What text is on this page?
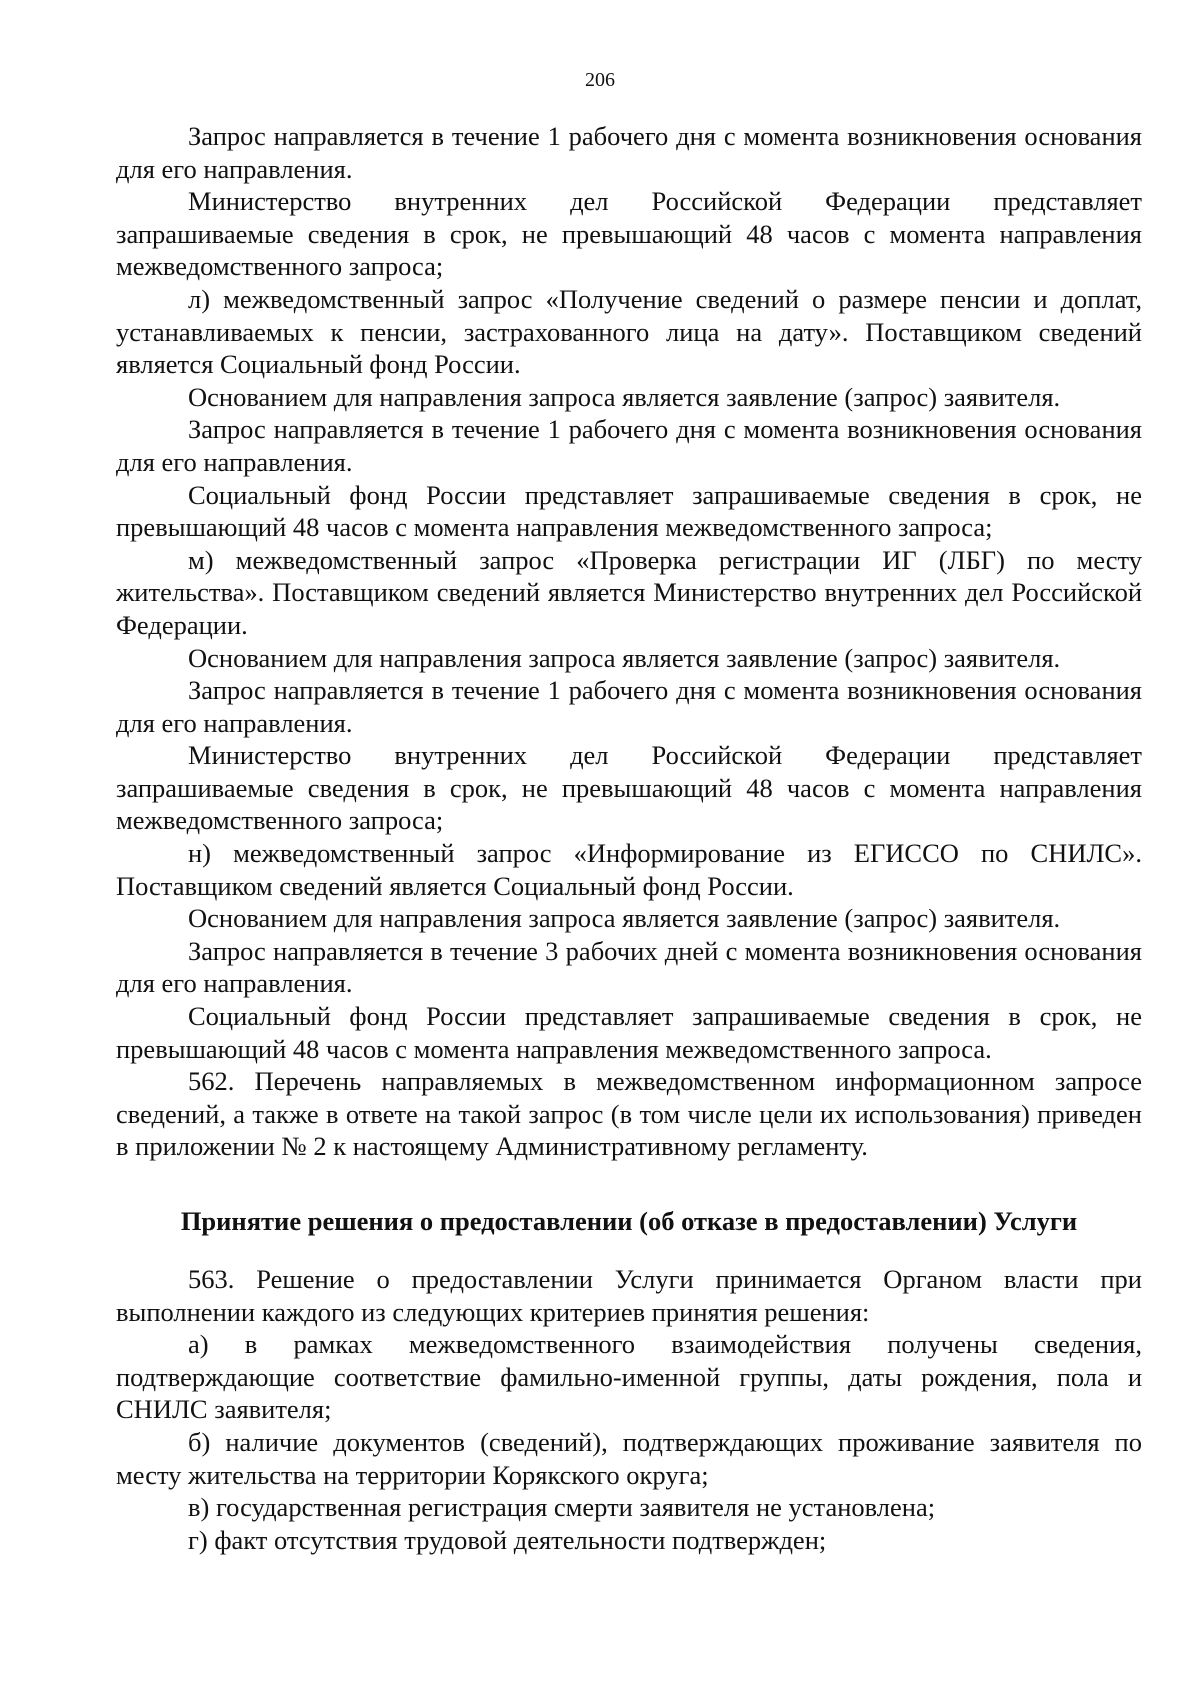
206

Запрос направляется в течение 1 рабочего дня с момента возникновения основания для его направления.

Министерство внутренних дел Российской Федерации представляет запрашиваемые сведения в срок, не превышающий 48 часов с момента направления межведомственного запроса;

л) межведомственный запрос «Получение сведений о размере пенсии и доплат, устанавливаемых к пенсии, застрахованного лица на дату». Поставщиком сведений является Социальный фонд России.

Основанием для направления запроса является заявление (запрос) заявителя.

Запрос направляется в течение 1 рабочего дня с момента возникновения основания для его направления.

Социальный фонд России представляет запрашиваемые сведения в срок, не превышающий 48 часов с момента направления межведомственного запроса;

м) межведомственный запрос «Проверка регистрации ИГ (ЛБГ) по месту жительства». Поставщиком сведений является Министерство внутренних дел Российской Федерации.

Основанием для направления запроса является заявление (запрос) заявителя.

Запрос направляется в течение 1 рабочего дня с момента возникновения основания для его направления.

Министерство внутренних дел Российской Федерации представляет запрашиваемые сведения в срок, не превышающий 48 часов с момента направления межведомственного запроса;

н) межведомственный запрос «Информирование из ЕГИССО по СНИЛС». Поставщиком сведений является Социальный фонд России.

Основанием для направления запроса является заявление (запрос) заявителя.

Запрос направляется в течение 3 рабочих дней с момента возникновения основания для его направления.

Социальный фонд России представляет запрашиваемые сведения в срок, не превышающий 48 часов с момента направления межведомственного запроса.

562. Перечень направляемых в межведомственном информационном запросе сведений, а также в ответе на такой запрос (в том числе цели их использования) приведен в приложении № 2 к настоящему Административному регламенту.

Принятие решения о предоставлении (об отказе в предоставлении) Услуги

563. Решение о предоставлении Услуги принимается Органом власти при выполнении каждого из следующих критериев принятия решения:

а) в рамках межведомственного взаимодействия получены сведения, подтверждающие соответствие фамильно-именной группы, даты рождения, пола и СНИЛС заявителя;

б) наличие документов (сведений), подтверждающих проживание заявителя по месту жительства на территории Корякского округа;

в) государственная регистрация смерти заявителя не установлена;

г) факт отсутствия трудовой деятельности подтвержден;
